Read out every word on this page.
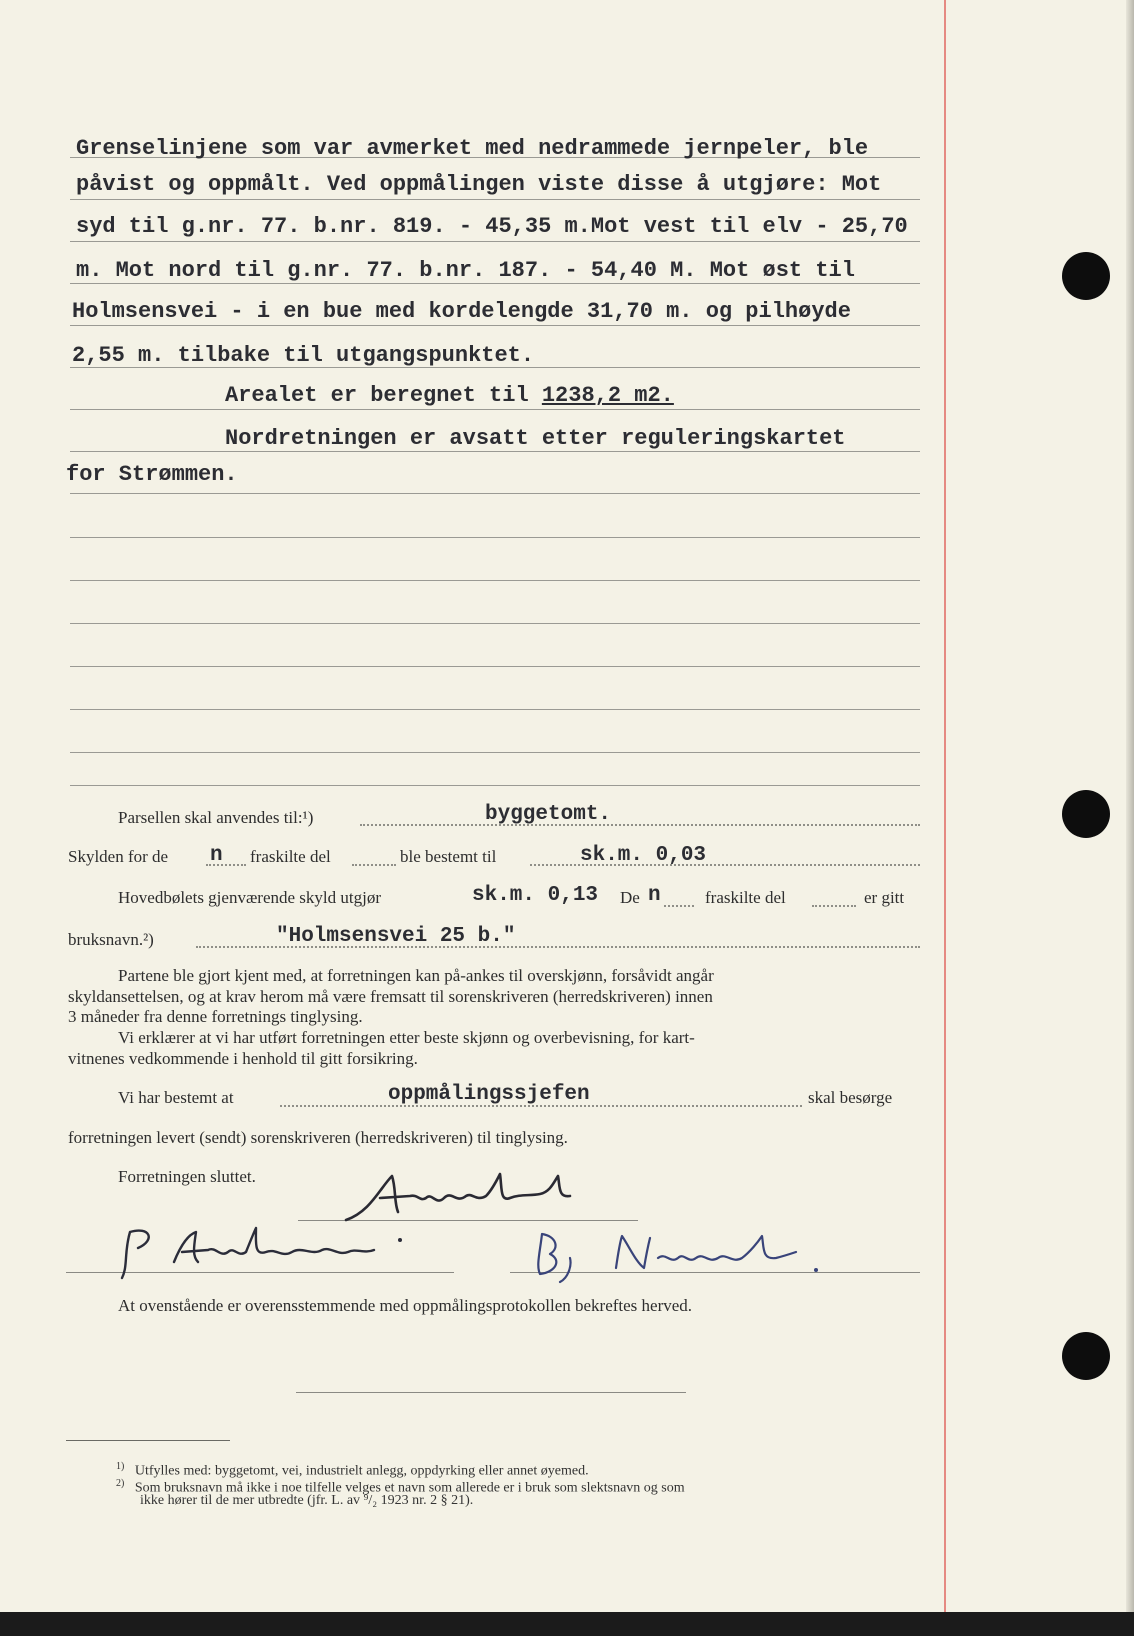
Grenselinjene som var avmerket med nedrammede jernpeler, ble
påvist og oppmålt. Ved oppmålingen viste disse å utgjøre: Mot
syd til g.nr. 77. b.nr. 819. - 45,35 m.Mot vest til elv - 25,70
m. Mot nord til g.nr. 77. b.nr. 187. - 54,40 M. Mot øst til
Holmsensvei - i en bue med kordelengde 31,70 m. og pilhøyde
2,55 m. tilbake til utgangspunktet.
Arealet er beregnet til 1238,2 m2.
Nordretningen er avsatt etter reguleringskartet
for Strømmen.
Parsellen skal anvendes til:¹)	byggetomt.
Skylden for de n fraskilte del	ble bestemt til	sk.m. 0,03
Hovedbølets gjenværende skyld utgjør	sk.m. 0,13 De n	fraskilte del	er gitt
bruksnavn.²)	"Holmsensvei 25 b."
Partene ble gjort kjent med, at forretningen kan på-ankes til overskjønn, forsåvidt angår
skyldansettelsen, og at krav herom må være fremsatt til sorenskriveren (herredskriveren) innen
3 måneder fra denne forretnings tinglysing.
Vi erklærer at vi har utført forretningen etter beste skjønn og overbevisning, for kart-
vitnenes vedkommende i henhold til gitt forsikring.
Vi har bestemt at	oppmålingssjefen	skal besørge
forretningen levert (sendt) sorenskriveren (herredskriveren) til tinglysing.
Forretningen sluttet.
At ovenstående er overensstemmende med oppmålingsprotokollen bekreftes herved.
$^{1)}$ Utfylles med: byggetomt, vei, industrielt anlegg, oppdyrking eller annet øyemed.
$^{2)}$ Som bruksnavn må ikke i noe tilfelle velges et navn som allerede er i bruk som slektsnavn og som
ikke hører til de mer utbredte (jfr. L. av ⁹/₂ 1923 nr. 2 § 21).
